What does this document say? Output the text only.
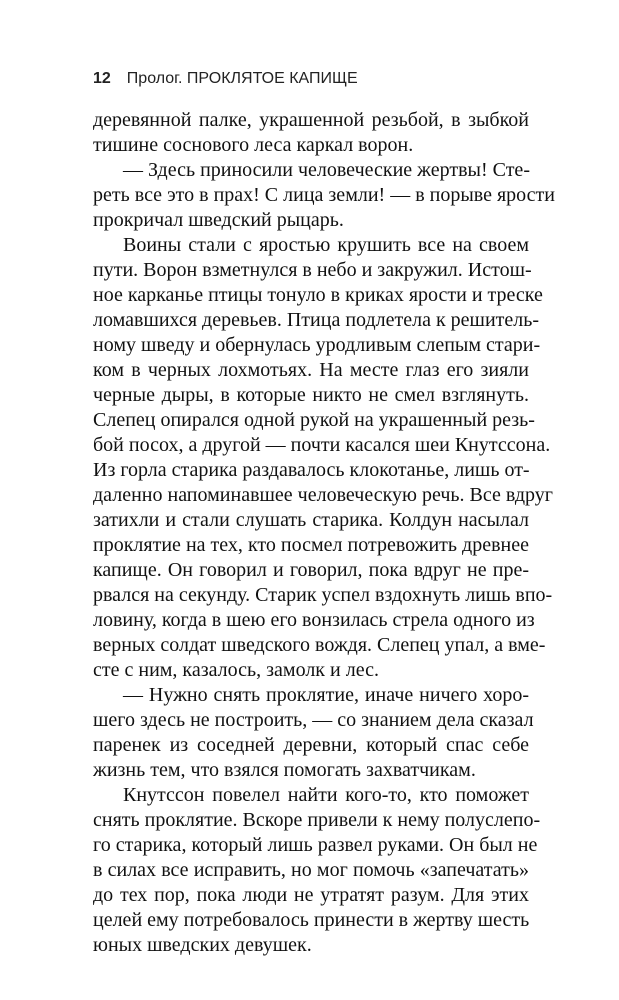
12 Пролог. ПРОКЛЯТОЕ КАПИЩЕ
деревянной палке, украшенной резьбой, в зыбкой
тишине соснового леса каркал ворон.
— Здесь приносили человеческие жертвы! Сте-
реть все это в прах! С лица земли! — в порыве ярости
прокричал шведский рыцарь.
Воины стали с яростью крушить все на своем
пути. Ворон взметнулся в небо и закружил. Истош-
ное карканье птицы тонуло в криках ярости и треске
ломавшихся деревьев. Птица подлетела к решитель-
ному шведу и обернулась уродливым слепым стари-
ком в черных лохмотьях. На месте глаз его зияли
черные дыры, в которые никто не смел взглянуть.
Слепец опирался одной рукой на украшенный резь-
бой посох, а другой — почти касался шеи Кнутссона.
Из горла старика раздавалось клокотанье, лишь от-
даленно напоминавшее человеческую речь. Все вдруг
затихли и стали слушать старика. Колдун насылал
проклятие на тех, кто посмел потревожить древнее
капище. Он говорил и говорил, пока вдруг не пре-
рвался на секунду. Старик успел вздохнуть лишь впо-
ловину, когда в шею его вонзилась стрела одного из
верных солдат шведского вождя. Слепец упал, а вме-
сте с ним, казалось, замолк и лес.
— Нужно снять проклятие, иначе ничего хоро-
шего здесь не построить, — со знанием дела сказал
паренек из соседней деревни, который спас себе
жизнь тем, что взялся помогать захватчикам.
Кнутссон повелел найти кого-то, кто поможет
снять проклятие. Вскоре привели к нему полуслепо-
го старика, который лишь развел руками. Он был не
в силах все исправить, но мог помочь «запечатать»
до тех пор, пока люди не утратят разум. Для этих
целей ему потребовалось принести в жертву шесть
юных шведских девушек.
